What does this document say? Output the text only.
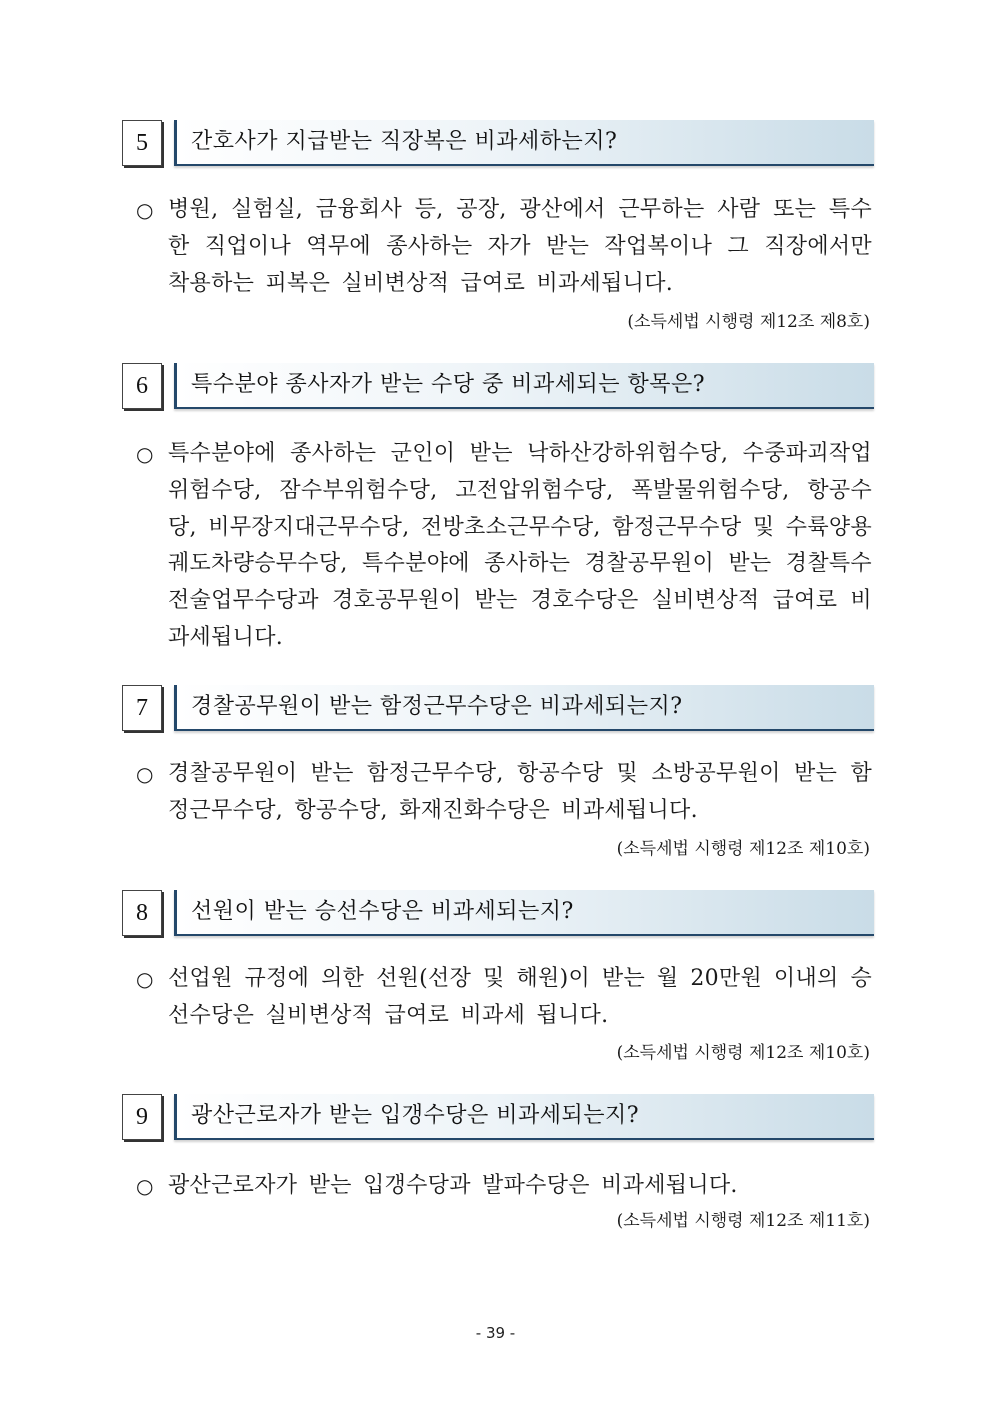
5	간호사가 지급받는 직장복은 비과세하는지?
○ 병원, 실험실, 금융회사 등, 공장, 광산에서 근무하는 사람 또는 특수한 직업이나 역무에 종사하는 자가 받는 작업복이나 그 직장에서만 착용하는 피복은 실비변상적 급여로 비과세됩니다.
(소득세법 시행령 제12조 제8호)
6	특수분야 종사자가 받는 수당 중 비과세되는 항목은?
○ 특수분야에 종사하는 군인이 받는 낙하산강하위험수당, 수중파괴작업위험수당, 잠수부위험수당, 고전압위험수당, 폭발물위험수당, 항공수당, 비무장지대근무수당, 전방초소근무수당, 함정근무수당 및 수륙양용궤도차량승무수당, 특수분야에 종사하는 경찰공무원이 받는 경찰특수전술업무수당과 경호공무원이 받는 경호수당은 실비변상적 급여로 비과세됩니다.
7	경찰공무원이 받는 함정근무수당은 비과세되는지?
○ 경찰공무원이 받는 함정근무수당, 항공수당 및 소방공무원이 받는 함정근무수당, 항공수당, 화재진화수당은 비과세됩니다.
(소득세법 시행령 제12조 제10호)
8	선원이 받는 승선수당은 비과세되는지?
○ 선업원 규정에 의한 선원(선장 및 해원)이 받는 월 20만원 이내의 승선수당은 실비변상적 급여로 비과세 됩니다.
(소득세법 시행령 제12조 제10호)
9	광산근로자가 받는 입갱수당은 비과세되는지?
○ 광산근로자가 받는 입갱수당과 발파수당은 비과세됩니다.
(소득세법 시행령 제12조 제11호)
- 39 -
